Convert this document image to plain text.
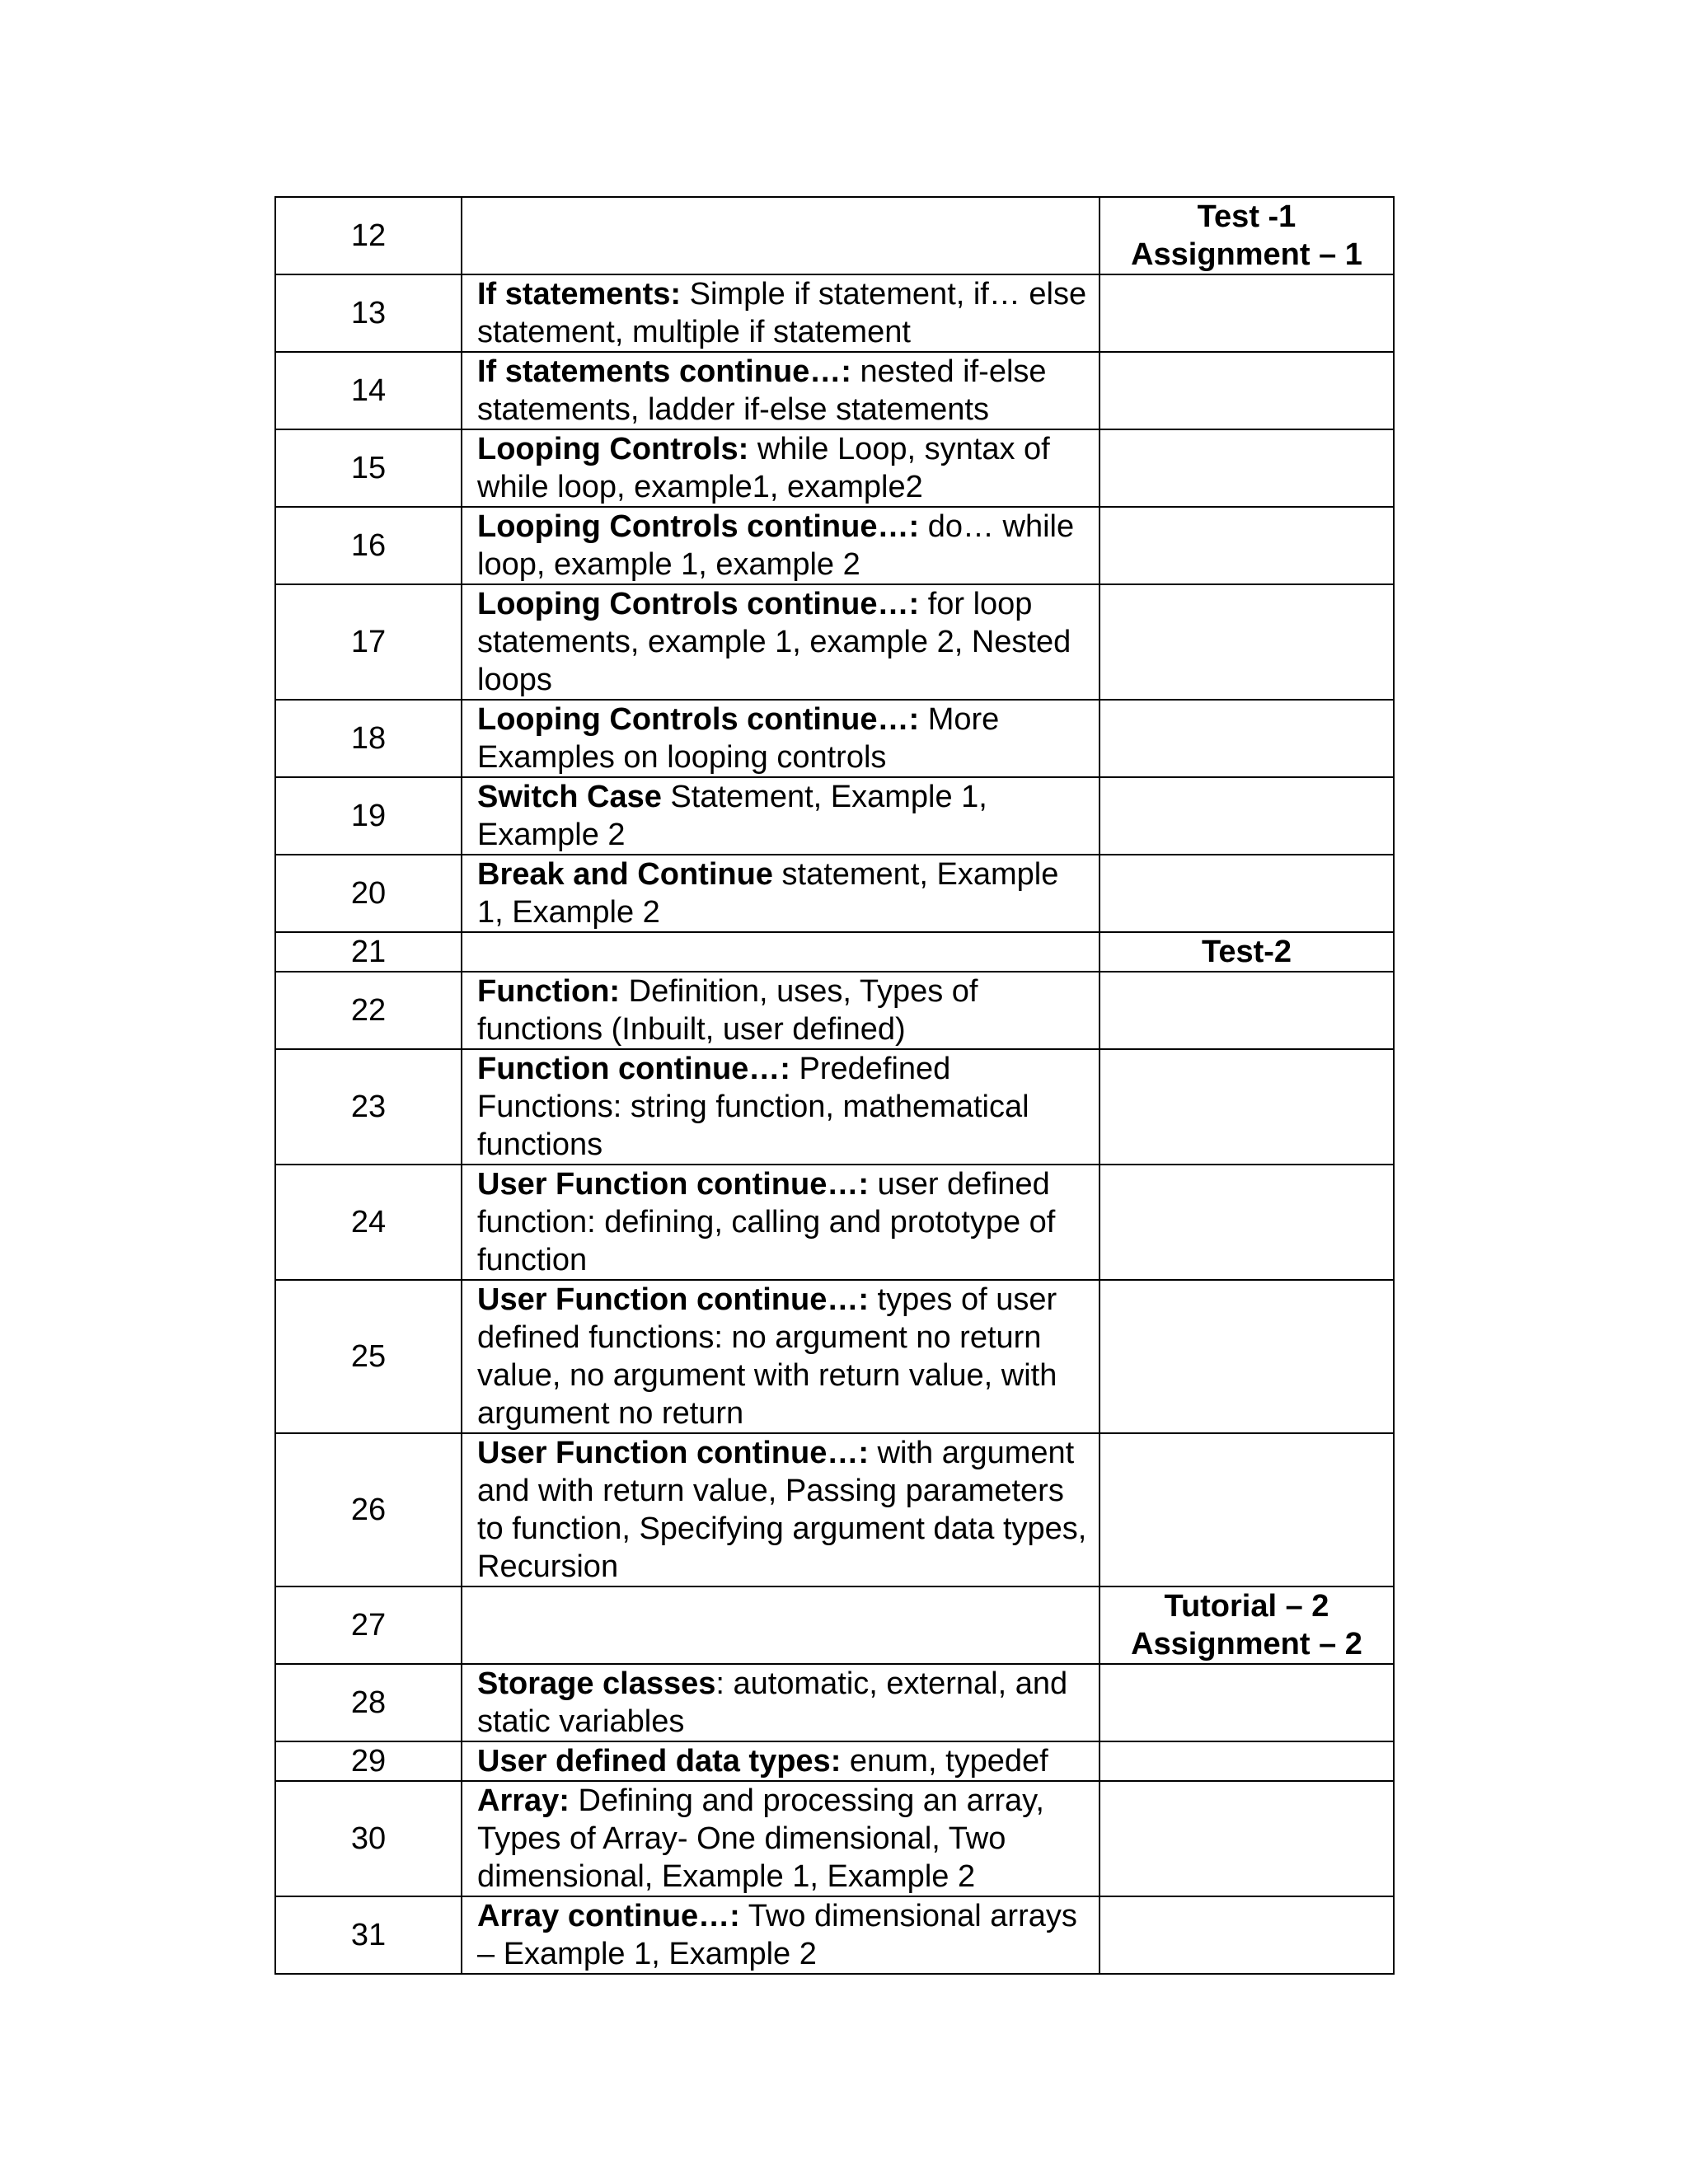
12		Test -1
Assignment – 1

13	If statements: Simple if statement, if… else statement, multiple if statement	
14	If statements continue…: nested if-else statements, ladder if-else statements	
15	Looping Controls: while Loop, syntax of while loop, example1, example2	
16	Looping Controls continue…: do… while loop, example 1, example 2	
17	Looping Controls continue…: for loop statements, example 1, example 2, Nested loops	
18	Looping Controls continue…: More Examples on looping controls	
19	Switch Case Statement, Example 1, Example 2	
20	Break and Continue statement, Example 1, Example 2	
21		Test-2

22	Function: Definition, uses, Types of functions (Inbuilt, user defined)	
23	Function continue…: Predefined Functions: string function, mathematical functions	
24	User Function continue…: user defined function: defining, calling and prototype of function	
25	User Function continue…: types of user defined functions: no argument no return value, no argument with return value, with argument no return	
26	User Function continue…: with argument and with return value, Passing parameters to function, Specifying argument data types, Recursion	
27		Tutorial – 2
Assignment – 2

28	Storage classes: automatic, external, and static variables	
29	User defined data types: enum, typedef	
30	Array: Defining and processing an array, Types of Array- One dimensional, Two dimensional, Example 1, Example 2	
31	Array continue…: Two dimensional arrays – Example 1, Example 2	
